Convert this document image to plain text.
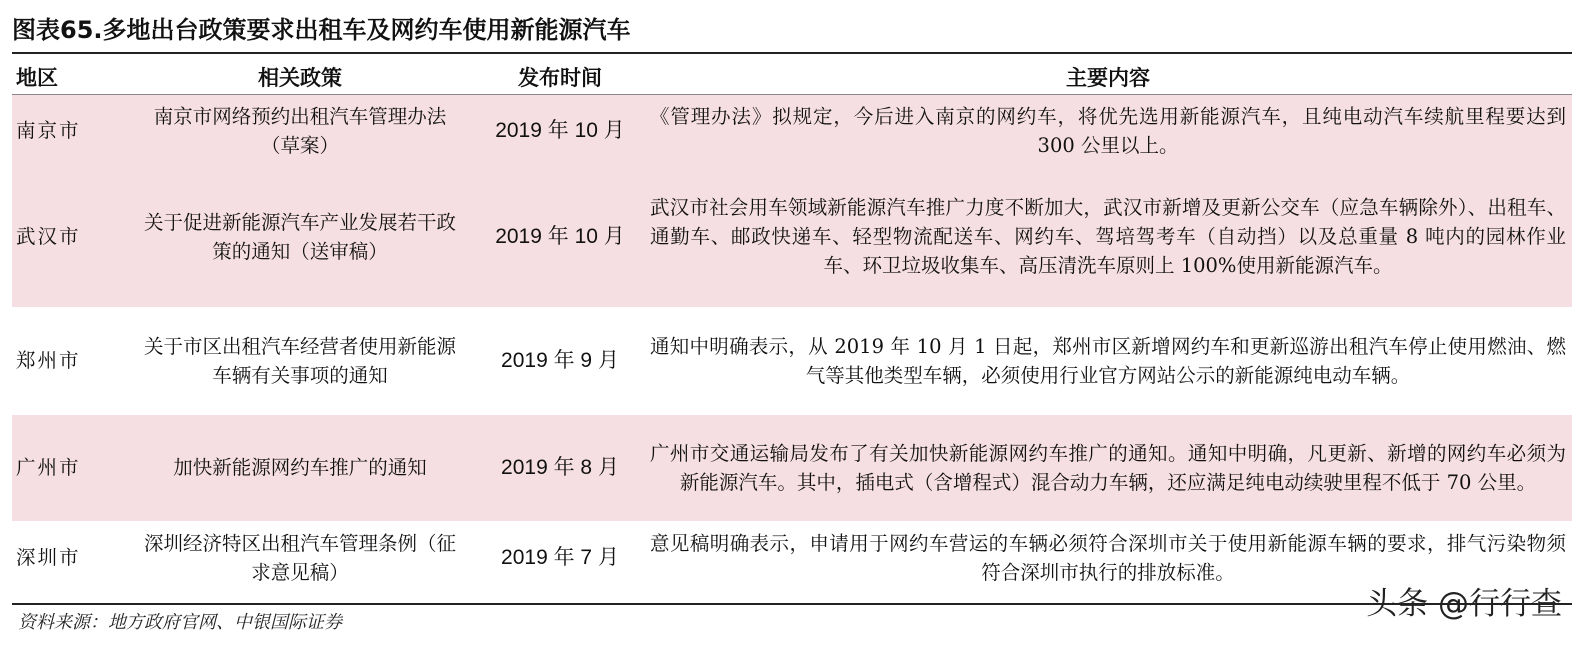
图表65.多地出台政策要求出租车及网约车使用新能源汽车
地区	相关政策	发布时间	主要内容
南京市	南京市网络预约出租汽车管理办法（草案）	2019 年 10 月	《管理办法》拟规定，今后进入南京的网约车，将优先选用新能源汽车，且纯电动汽车续航里程要达到 300 公里以上。
武汉市	关于促进新能源汽车产业发展若干政策的通知（送审稿）	2019 年 10 月	武汉市社会用车领域新能源汽车推广力度不断加大，武汉市新增及更新公交车（应急车辆除外）、出租车、通勤车、邮政快递车、轻型物流配送车、网约车、驾培驾考车（自动挡）以及总重量 8 吨内的园林作业车、环卫垃圾收集车、高压清洗车原则上 100%使用新能源汽车。
郑州市	关于市区出租汽车经营者使用新能源车辆有关事项的通知	2019 年 9 月	通知中明确表示，从 2019 年 10 月 1 日起，郑州市区新增网约车和更新巡游出租汽车停止使用燃油、燃气等其他类型车辆，必须使用行业官方网站公示的新能源纯电动车辆。
广州市	加快新能源网约车推广的通知	2019 年 8 月	广州市交通运输局发布了有关加快新能源网约车推广的通知。通知中明确，凡更新、新增的网约车必须为新能源汽车。其中，插电式（含增程式）混合动力车辆，还应满足纯电动续驶里程不低于 70 公里。
深圳市	深圳经济特区出租汽车管理条例（征求意见稿）	2019 年 7 月	意见稿明确表示，申请用于网约车营运的车辆必须符合深圳市关于使用新能源车辆的要求，排气污染物须符合深圳市执行的排放标准。
资料来源：地方政府官网、中银国际证券
头条 @行行查
